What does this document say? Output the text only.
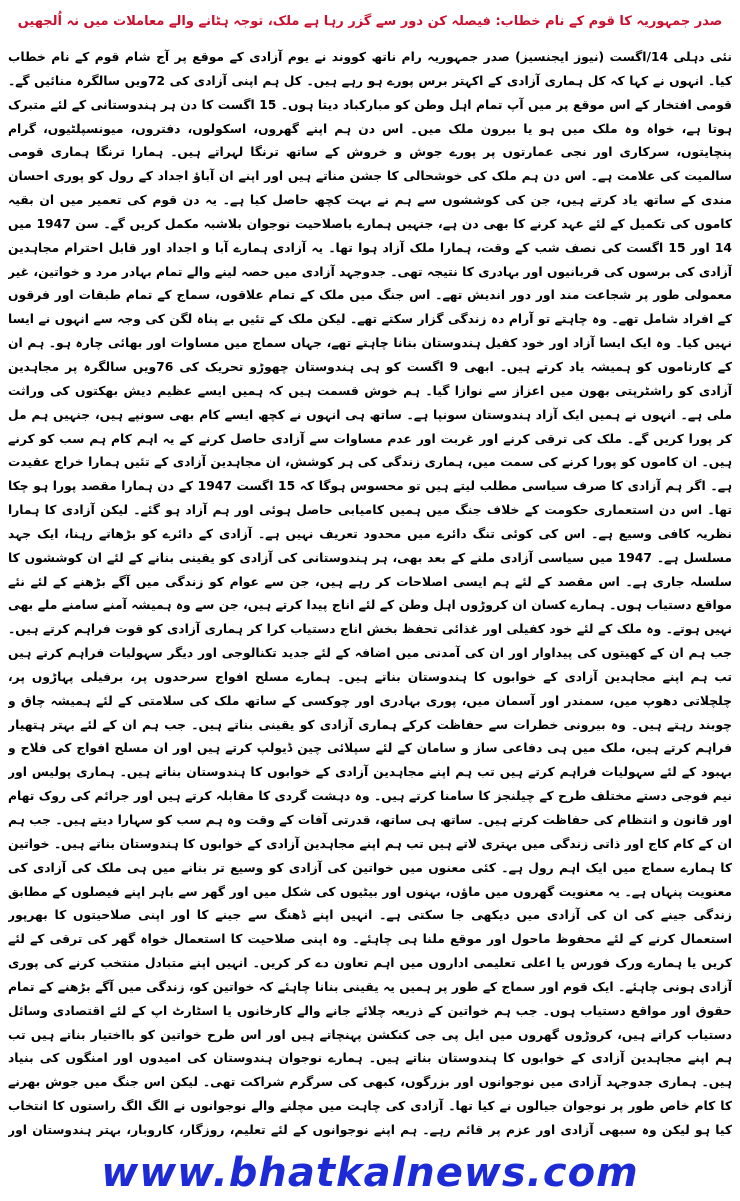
صدر جمہوریہ کا قوم کے نام خطاب: فیصلہ کن دور سے گزر رہا ہے ملک، توجہ ہٹانے والے معاملات میں نہ اُلجھیں

نئی دہلی 14/اگست (نیوز ایجنسیز) صدر جمہوریہ رام ناتھ کووند نے یوم آزادی کے موقع پر آج شام قوم کے نام خطاب کیا۔ انہوں نے کہا کہ کل ہماری آزادی کے اکہتر برس پورے ہو رہے ہیں۔ کل ہم اپنی آزادی کی 72ویں سالگرہ منائیں گے۔ قومی افتخار کے اس موقع پر میں آپ تمام اہل وطن کو مبارکباد دیتا ہوں۔ 15 اگست کا دن ہر ہندوستانی کے لئے متبرک ہوتا ہے، خواہ وہ ملک میں ہو یا بیرون ملک میں۔ اس دن ہم اپنے گھروں، اسکولوں، دفتروں، میونسپلٹیوں، گرام پنچایتوں، سرکاری اور نجی عمارتوں پر پورے جوش و خروش کے ساتھ ترنگا لہراتے ہیں۔ ہمارا ترنگا ہماری قومی سالمیت کی علامت ہے۔ اس دن ہم ملک کی خوشحالی کا جشن مناتے ہیں اور اپنے ان آباؤ اجداد کے رول کو پوری احسان مندی کے ساتھ یاد کرتے ہیں، جن کی کوششوں سے ہم نے بہت کچھ حاصل کیا ہے۔ یہ دن قوم کی تعمیر میں ان بقیہ کاموں کی تکمیل کے لئے عہد کرنے کا بھی دن ہے، جنہیں ہمارے باصلاحیت نوجوان بلاشبہ مکمل کریں گے۔ سن 1947 میں 14 اور 15 اگست کی نصف شب کے وقت، ہمارا ملک آزاد ہوا تھا۔ یہ آزادی ہمارے آبا و اجداد اور قابل احترام مجاہدین آزادی کی برسوں کی قربانیوں اور بہادری کا نتیجہ تھی۔ جدوجہد آزادی میں حصہ لینے والے تمام بہادر مرد و خواتین، غیر معمولی طور پر شجاعت مند اور دور اندیش تھے۔ اس جنگ میں ملک کے تمام علاقوں، سماج کے تمام طبقات اور فرقوں کے افراد شامل تھے۔ وہ چاہتے تو آرام دہ زندگی گزار سکتے تھے۔ لیکن ملک کے تئیں بے پناہ لگن کی وجہ سے انہوں نے ایسا نہیں کیا۔ وہ ایک ایسا آزاد اور خود کفیل ہندوستان بنانا چاہتے تھے، جہاں سماج میں مساوات اور بھائی چارہ ہو۔ ہم ان کے کارناموں کو ہمیشہ یاد کرتے ہیں۔ ابھی 9 اگست کو ہی ہندوستان چھوڑو تحریک کی 76ویں سالگرہ پر مجاہدین آزادی کو راشٹرپتی بھون میں اعزاز سے نوازا گیا۔ ہم خوش قسمت ہیں کہ ہمیں ایسے عظیم دیش بھکتوں کی وراثت ملی ہے۔ انہوں نے ہمیں ایک آزاد ہندوستان سونپا ہے۔ ساتھ ہی انہوں نے کچھ ایسے کام بھی سونپے ہیں، جنہیں ہم مل کر پورا کریں گے۔ ملک کی ترقی کرنے اور غربت اور عدم مساوات سے آزادی حاصل کرنے کے یہ اہم کام ہم سب کو کرنے ہیں۔ ان کاموں کو پورا کرنے کی سمت میں، ہماری زندگی کی ہر کوشش، ان مجاہدین آزادی کے تئیں ہمارا خراج عقیدت ہے۔ اگر ہم آزادی کا صرف سیاسی مطلب لیتے ہیں تو محسوس ہوگا کہ 15 اگست 1947 کے دن ہمارا مقصد پورا ہو چکا تھا۔ اس دن استعماری حکومت کے خلاف جنگ میں ہمیں کامیابی حاصل ہوئی اور ہم آزاد ہو گئے۔ لیکن آزادی کا ہمارا نظریہ کافی وسیع ہے۔ اس کی کوئی تنگ دائرے میں محدود تعریف نہیں ہے۔ آزادی کے دائرے کو بڑھاتے رہنا، ایک جہد مسلسل ہے۔ 1947 میں سیاسی آزادی ملنے کے بعد بھی، ہر ہندوستانی کی آزادی کو یقینی بنانے کے لئے ان کوششوں کا سلسلہ جاری ہے۔ اس مقصد کے لئے ہم ایسی اصلاحات کر رہے ہیں، جن سے عوام کو زندگی میں آگے بڑھنے کے لئے نئے مواقع دستیاب ہوں۔ ہمارے کسان ان کروڑوں اہل وطن کے لئے اناج پیدا کرتے ہیں، جن سے وہ ہمیشہ آمنے سامنے ملے بھی نہیں ہوتے۔ وہ ملک کے لئے خود کفیلی اور غذائی تحفظ بخش اناج دستیاب کرا کر ہماری آزادی کو قوت فراہم کرتے ہیں۔ جب ہم ان کے کھیتوں کی پیداوار اور ان کی آمدنی میں اضافہ کے لئے جدید تکنالوجی اور دیگر سہولیات فراہم کرتے ہیں تب ہم اپنے مجاہدین آزادی کے خوابوں کا ہندوستان بناتے ہیں۔ ہمارے مسلح افواج سرحدوں پر، برفیلی پہاڑوں پر، چلچلاتی دھوپ میں، سمندر اور آسمان میں، پوری بہادری اور چوکسی کے ساتھ ملک کی سلامتی کے لئے ہمیشہ چاق و چوبند رہتے ہیں۔ وہ بیرونی خطرات سے حفاظت کرکے ہماری آزادی کو یقینی بناتے ہیں۔ جب ہم ان کے لئے بہتر ہتھیار فراہم کرتے ہیں، ملک میں ہی دفاعی ساز و سامان کے لئے سپلائی چین ڈیولپ کرتے ہیں اور ان مسلح افواج کی فلاح و بہبود کے لئے سہولیات فراہم کرتے ہیں تب ہم اپنے مجاہدین آزادی کے خوابوں کا ہندوستان بناتے ہیں۔ ہماری پولیس اور نیم فوجی دستے مختلف طرح کے چیلنجز کا سامنا کرتے ہیں۔ وہ دہشت گردی کا مقابلہ کرتے ہیں اور جرائم کی روک تھام اور قانون و انتظام کی حفاظت کرتے ہیں۔ ساتھ ہی ساتھ، قدرتی آفات کے وقت وہ ہم سب کو سہارا دیتے ہیں۔ جب ہم ان کے کام کاج اور ذاتی زندگی میں بہتری لاتے ہیں تب ہم اپنے مجاہدین آزادی کے خوابوں کا ہندوستان بناتے ہیں۔ خواتین کا ہمارے سماج میں ایک اہم رول ہے۔ کئی معنوں میں خواتین کی آزادی کو وسیع تر بنانے میں ہی ملک کی آزادی کی معنویت پنہاں ہے۔ یہ معنویت گھروں میں ماؤں، بہنوں اور بیٹیوں کی شکل میں اور گھر سے باہر اپنے فیصلوں کے مطابق زندگی جینے کی ان کی آزادی میں دیکھی جا سکتی ہے۔ انہیں اپنے ڈھنگ سے جینے کا اور اپنی صلاحیتوں کا بھرپور استعمال کرنے کے لئے محفوظ ماحول اور موقع ملنا ہی چاہئے۔ وہ اپنی صلاحیت کا استعمال خواہ گھر کی ترقی کے لئے کریں یا ہمارے ورک فورس یا اعلی تعلیمی اداروں میں اہم تعاون دے کر کریں۔ انہیں اپنے متبادل منتخب کرنے کی پوری آزادی ہونی چاہئے۔ ایک قوم اور سماج کے طور پر ہمیں یہ یقینی بنانا چاہئے کہ خواتین کو، زندگی میں آگے بڑھنے کے تمام حقوق اور مواقع دستیاب ہوں۔ جب ہم خواتین کے ذریعہ چلائے جانے والے کارخانوں یا اسٹارٹ اپ کے لئے اقتصادی وسائل دستیاب کراتے ہیں، کروڑوں گھروں میں ایل پی جی کنکشن پہنچاتے ہیں اور اس طرح خواتین کو بااختیار بناتے ہیں تب ہم اپنے مجاہدین آزادی کے خوابوں کا ہندوستان بناتے ہیں۔ ہمارے نوجوان ہندوستان کی امیدوں اور امنگوں کی بنیاد ہیں۔ ہماری جدوجہد آزادی میں نوجوانوں اور بزرگوں، کبھی کی سرگرم شراکت تھی۔ لیکن اس جنگ میں جوش بھرنے کا کام خاص طور پر نوجوان جیالوں نے کیا تھا۔ آزادی کی چاہت میں مچلنے والے نوجوانوں نے الگ الگ راستوں کا انتخاب کیا ہو لیکن وہ سبھی آزادی اور عزم پر قائم رہے۔ ہم اپنے نوجوانوں کے لئے تعلیم، روزگار، کاروبار، بہتر ہندوستان اور

www.bhatkalnews.com
